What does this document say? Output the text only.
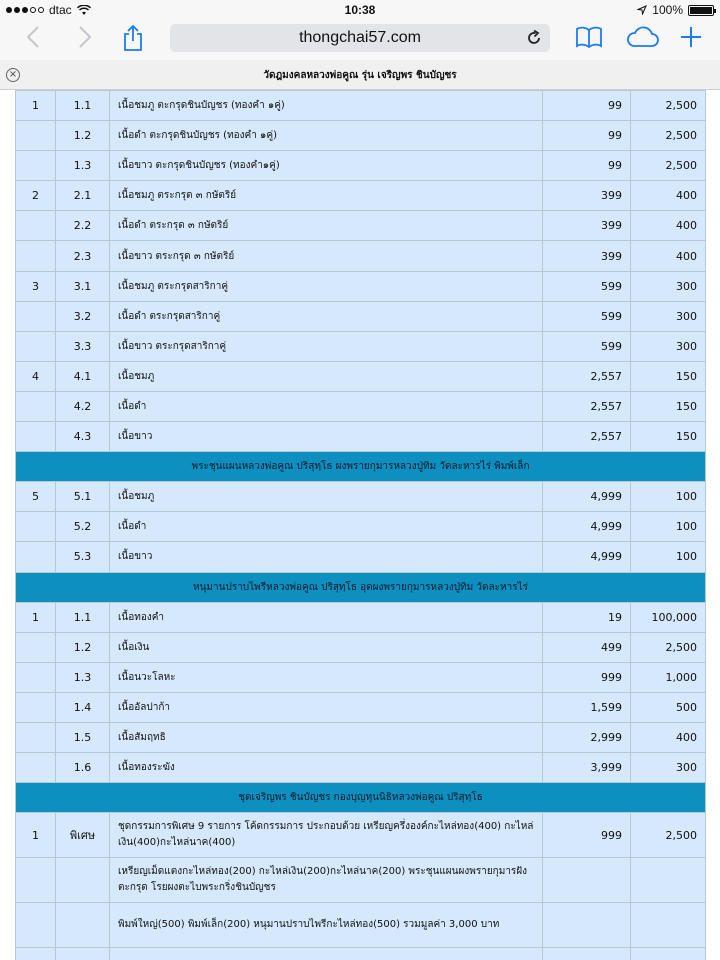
dtac	10:38	100%
thongchai57.com
×	วัดฎมงคลหลวงพ่อคูณ รุ่น เจริญพร ชินบัญชร
1	1.1	เนื้อชมภู ตะกรุดชินบัญชร (ทองคำ ๑คู่)	99	2,500
	1.2	เนื้อดำ ตะกรุดชินบัญชร (ทองคำ ๑คู่)	99	2,500
	1.3	เนื้อขาว ตะกรุดชินบัญชร (ทองคำ๑คู่)	99	2,500
2	2.1	เนื้อชมภู ตระกรุด ๓ กษัตริย์	399	400
	2.2	เนื้อดำ ตระกรุด ๓ กษัตริย์	399	400
	2.3	เนื้อขาว ตระกรุด ๓ กษัตริย์	399	400
3	3.1	เนื้อชมภู ตระกรุดสาริกาคู่	599	300
	3.2	เนื้อดำ ตระกรุดสาริกาคู่	599	300
	3.3	เนื้อขาว ตระกรุดสาริกาคู่	599	300
4	4.1	เนื้อชมภู	2,557	150
	4.2	เนื้อดำ	2,557	150
	4.3	เนื้อขาว	2,557	150
พระชุนแผนหลวงพ่อคูณ ปริสุทฺโธ ผงพรายกุมารหลวงปู่ทิม วัดละหารไร่ พิมพ์เล็ก				
5	5.1	เนื้อชมภู	4,999	100
	5.2	เนื้อดำ	4,999	100
	5.3	เนื้อขาว	4,999	100
หนุมานปราบไพรีหลวงพ่อคูณ ปริสุทฺโธ อุดผงพรายกุมารหลวงปู่ทิม วัดละหารไร่				
1	1.1	เนื้อทองคำ	19	100,000
	1.2	เนื้อเงิน	499	2,500
	1.3	เนื้อนวะโลหะ	999	1,000
	1.4	เนื้ออัลปาก้า	1,599	500
	1.5	เนื้อสัมฤทธิ	2,999	400
	1.6	เนื้อทองระฆัง	3,999	300
ชุดเจริญพร ชินบัญชร กองบุญทุนนิธิหลวงพ่อคูณ ปริสุทฺโธ				
1	พิเศษ	ชุดกรรมการพิเศษ 9 รายการ โค้ดกรรมการ ประกอบด้วย เหรียญครึ่งองค์กะไหล่ทอง(400) กะไหล่เงิน(400)กะไหล่นาค(400)	999	2,500
		เหรียญเม็ดแตงกะไหล่ทอง(200) กะไหล่เงิน(200)กะไหล่นาค(200) พระชุนแผนผงพรายกุมารฝังตะกรุด โรยผงตะไบพระกริ่งชินบัญชร		
		พิมพ์ใหญ่(500) พิมพ์เล็ก(200) หนุมานปราบไพรีกะไหล่ทอง(500) รวมมูลค่า 3,000 บาท		
